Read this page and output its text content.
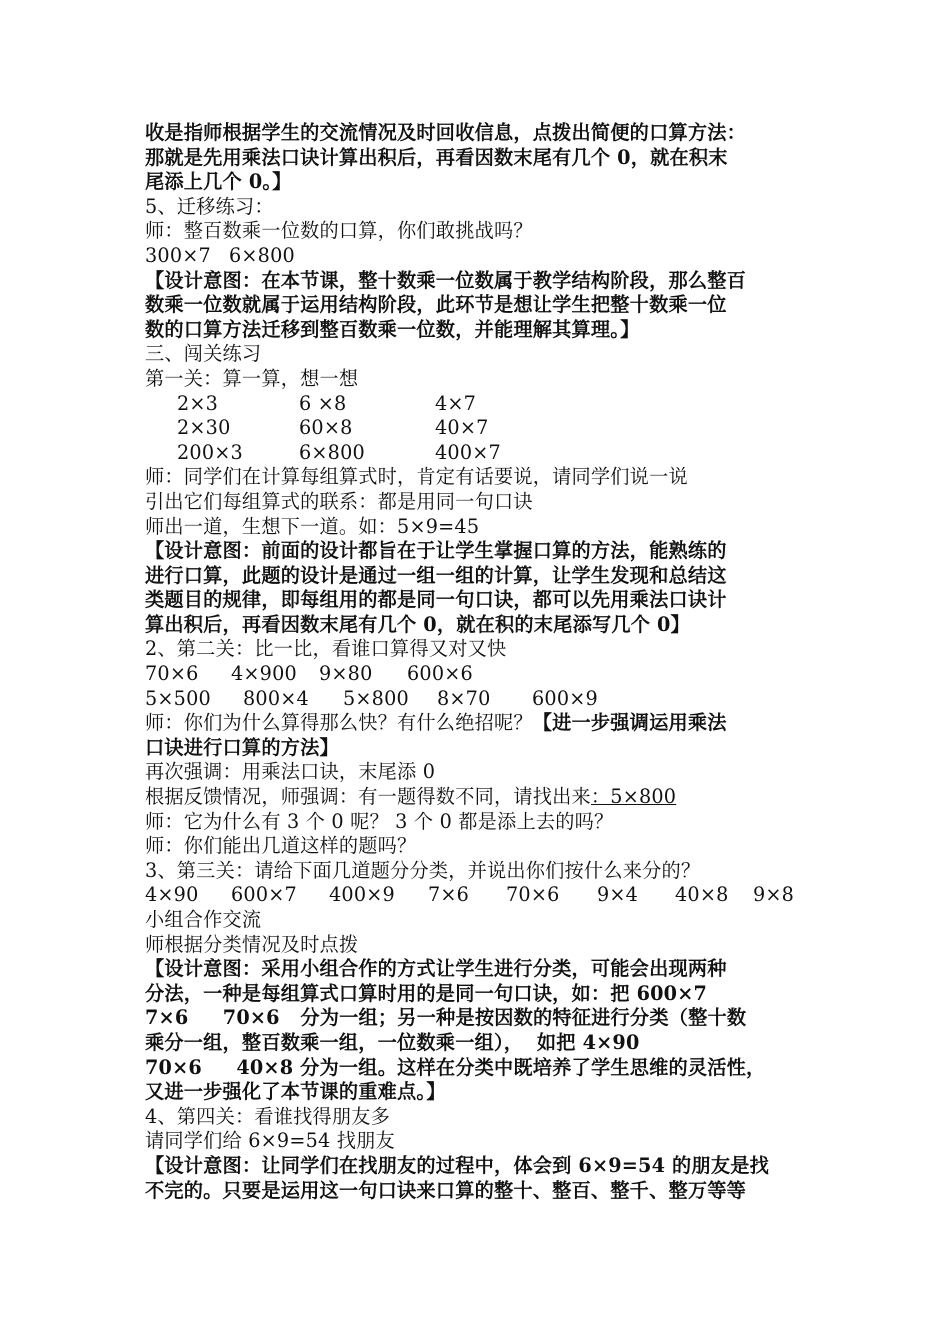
收是指师根据学生的交流情况及时回收信息，点拨出简便的口算方法：
那就是先用乘法口诀计算出积后，再看因数末尾有几个 0，就在积末
尾添上几个 0。】
5、迁移练习：
师：整百数乘一位数的口算，你们敢挑战吗？
300×7 6×800
【设计意图：在本节课，整十数乘一位数属于教学结构阶段，那么整百
数乘一位数就属于运用结构阶段，此环节是想让学生把整十数乘一位
数的口算方法迁移到整百数乘一位数，并能理解其算理。】
三、闯关练习
第一关：算一算，想一想
2×3	6 ×8	4×7
2×30	60×8	40×7
200×3	6×800	400×7
师：同学们在计算每组算式时，肯定有话要说，请同学们说一说
引出它们每组算式的联系：都是用同一句口诀
师出一道，生想下一道。如：5×9=45
【设计意图：前面的设计都旨在于让学生掌握口算的方法，能熟练的
进行口算，此题的设计是通过一组一组的计算，让学生发现和总结这
类题目的规律，即每组用的都是同一句口诀，都可以先用乘法口诀计
算出积后，再看因数末尾有几个 0，就在积的末尾添写几个 0】
2、第二关：比一比，看谁口算得又对又快
70×6	4×900	9×80	600×6
5×500	800×4	5×800	8×70	600×9
师：你们为什么算得那么快？有什么绝招呢？【进一步强调运用乘法
口诀进行口算的方法】
再次强调：用乘法口诀，末尾添 0
根据反馈情况，师强调：有一题得数不同，请找出来：5×800
师：它为什么有 3 个 0 呢？ 3 个 0 都是添上去的吗？
师：你们能出几道这样的题吗？
3、第三关：请给下面几道题分分类，并说出你们按什么来分的？
4×90	600×7	400×9	7×6	70×6	9×4	40×8	9×8
小组合作交流
师根据分类情况及时点拨
【设计意图：采用小组合作的方式让学生进行分类，可能会出现两种
分法，一种是每组算式口算时用的是同一句口诀，如：把 600×7
7×6     70×6   分为一组；另一种是按因数的特征进行分类（整十数
乘分一组，整百数乘一组，一位数乘一组），  如把 4×90
70×6     40×8 分为一组。这样在分类中既培养了学生思维的灵活性，
又进一步强化了本节课的重难点。】
4、第四关：看谁找得朋友多
请同学们给 6×9=54 找朋友
【设计意图：让同学们在找朋友的过程中，体会到 6×9=54 的朋友是找
不完的。只要是运用这一句口诀来口算的整十、整百、整千、整万等等
